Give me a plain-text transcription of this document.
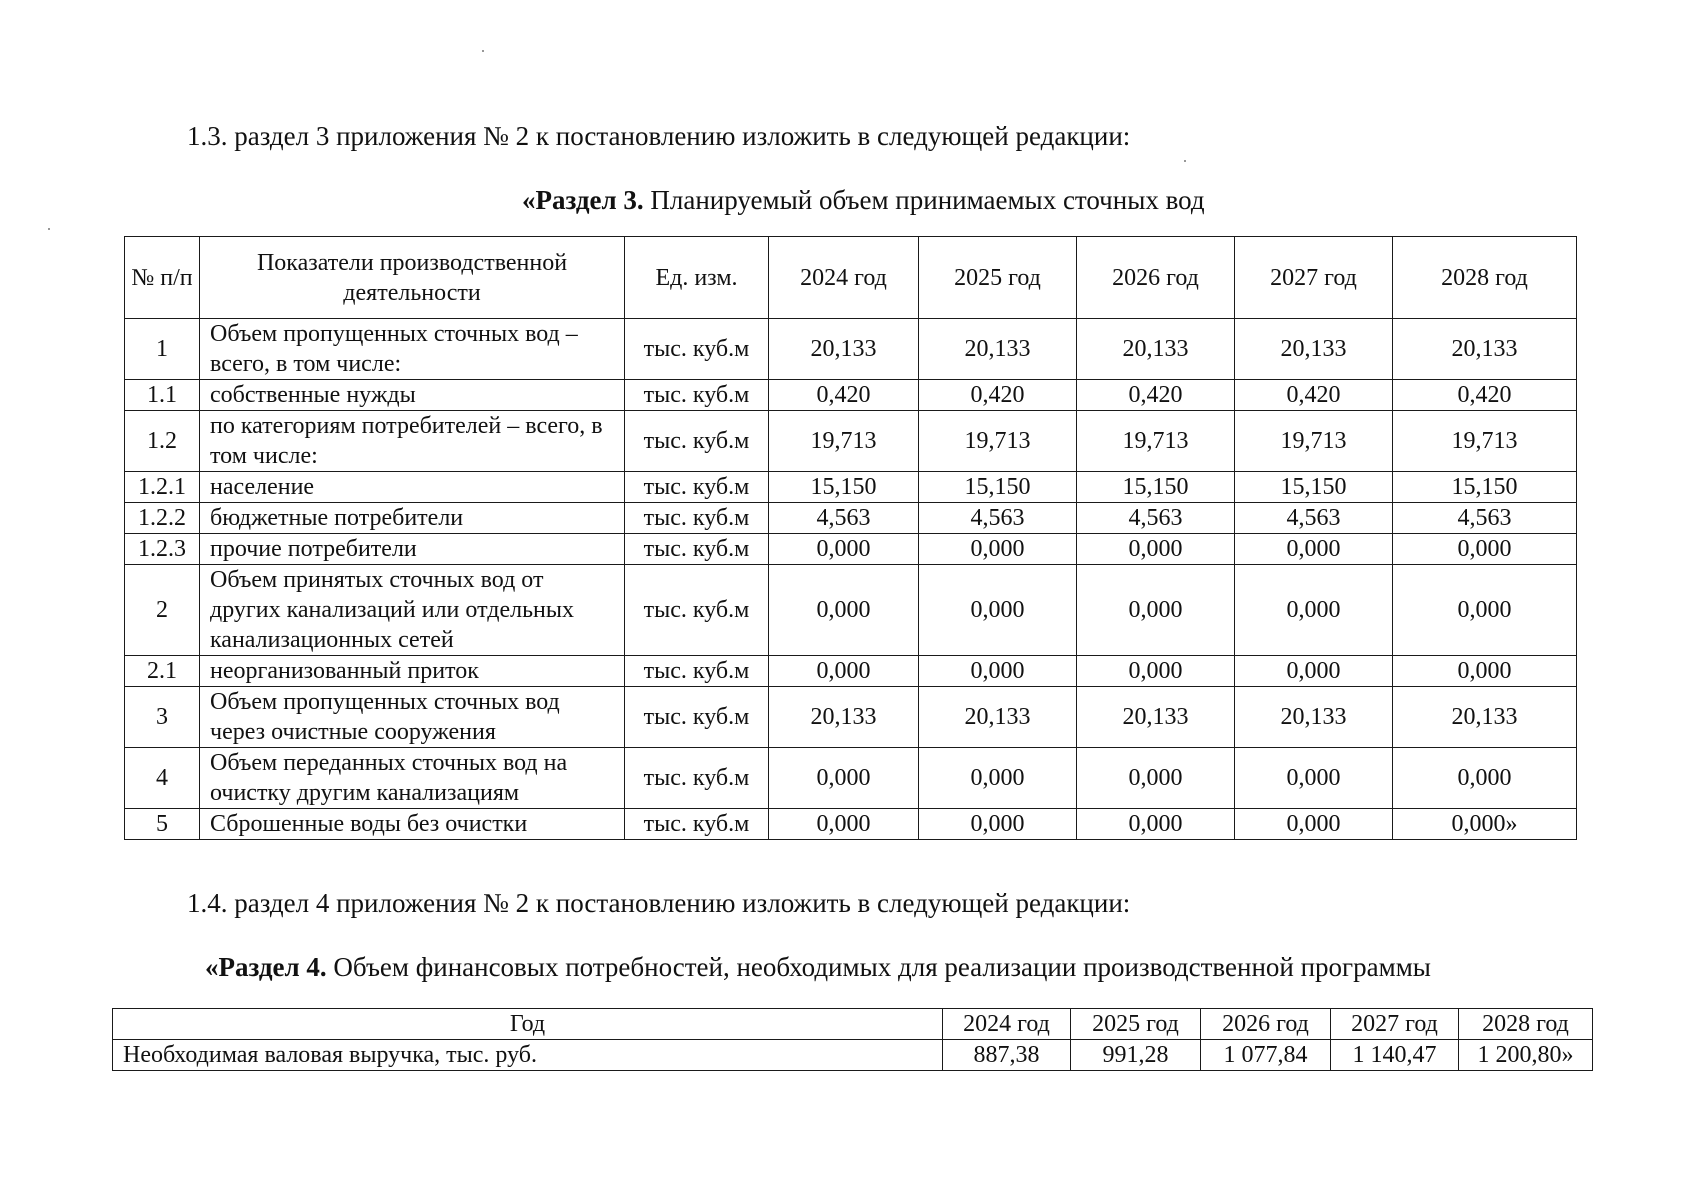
1.3. раздел 3 приложения № 2 к постановлению изложить в следующей редакции:

«Раздел 3. Планируемый объем принимаемых сточных вод

№ п/п	Показатели производственной деятельности	Ед. изм.	2024 год	2025 год	2026 год	2027 год	2028 год
1	Объем пропущенных сточных вод – всего, в том числе:	тыс. куб.м	20,133	20,133	20,133	20,133	20,133
1.1	собственные нужды	тыс. куб.м	0,420	0,420	0,420	0,420	0,420
1.2	по категориям потребителей – всего, в том числе:	тыс. куб.м	19,713	19,713	19,713	19,713	19,713
1.2.1	население	тыс. куб.м	15,150	15,150	15,150	15,150	15,150
1.2.2	бюджетные потребители	тыс. куб.м	4,563	4,563	4,563	4,563	4,563
1.2.3	прочие потребители	тыс. куб.м	0,000	0,000	0,000	0,000	0,000
2	Объем принятых сточных вод от других канализаций или отдельных канализационных сетей	тыс. куб.м	0,000	0,000	0,000	0,000	0,000
2.1	неорганизованный приток	тыс. куб.м	0,000	0,000	0,000	0,000	0,000
3	Объем пропущенных сточных вод через очистные сооружения	тыс. куб.м	20,133	20,133	20,133	20,133	20,133
4	Объем переданных сточных вод на очистку другим канализациям	тыс. куб.м	0,000	0,000	0,000	0,000	0,000
5	Сброшенные воды без очистки	тыс. куб.м	0,000	0,000	0,000	0,000	0,000»

1.4. раздел 4 приложения № 2 к постановлению изложить в следующей редакции:

«Раздел 4. Объем финансовых потребностей, необходимых для реализации производственной программы

Год	2024 год	2025 год	2026 год	2027 год	2028 год
Необходимая валовая выручка, тыс. руб.	887,38	991,28	1 077,84	1 140,47	1 200,80»
